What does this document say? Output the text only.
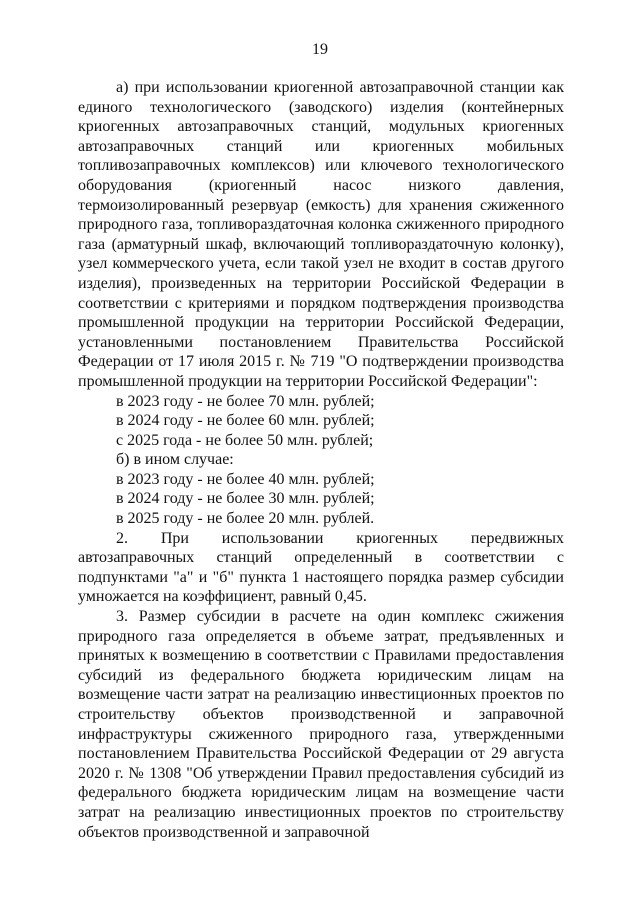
19

а) при использовании криогенной автозаправочной станции как единого технологического (заводского) изделия (контейнерных криогенных автозаправочных станций, модульных криогенных автозаправочных станций или криогенных мобильных топливозаправочных комплексов) или ключевого технологического оборудования (криогенный насос низкого давления, термоизолированный резервуар (емкость) для хранения сжиженного природного газа, топливораздаточная колонка сжиженного природного газа (арматурный шкаф, включающий топливораздаточную колонку), узел коммерческого учета, если такой узел не входит в состав другого изделия), произведенных на территории Российской Федерации в соответствии с критериями и порядком подтверждения производства промышленной продукции на территории Российской Федерации, установленными постановлением Правительства Российской Федерации от 17 июля 2015 г. № 719 "О подтверждении производства промышленной продукции на территории Российской Федерации":

в 2023 году - не более 70 млн. рублей;

в 2024 году - не более 60 млн. рублей;

с 2025 года - не более 50 млн. рублей;

б) в ином случае:

в 2023 году - не более 40 млн. рублей;

в 2024 году - не более 30 млн. рублей;

в 2025 году - не более 20 млн. рублей.

2. При использовании криогенных передвижных автозаправочных станций определенный в соответствии с подпунктами "а" и "б" пункта 1 настоящего порядка размер субсидии умножается на коэффициент, равный 0,45.

3. Размер субсидии в расчете на один комплекс сжижения природного газа определяется в объеме затрат, предъявленных и принятых к возмещению в соответствии с Правилами предоставления субсидий из федерального бюджета юридическим лицам на возмещение части затрат на реализацию инвестиционных проектов по строительству объектов производственной и заправочной инфраструктуры сжиженного природного газа, утвержденными постановлением Правительства Российской Федерации от 29 августа 2020 г. № 1308 "Об утверждении Правил предоставления субсидий из федерального бюджета юридическим лицам на возмещение части затрат на реализацию инвестиционных проектов по строительству объектов производственной и заправочной
